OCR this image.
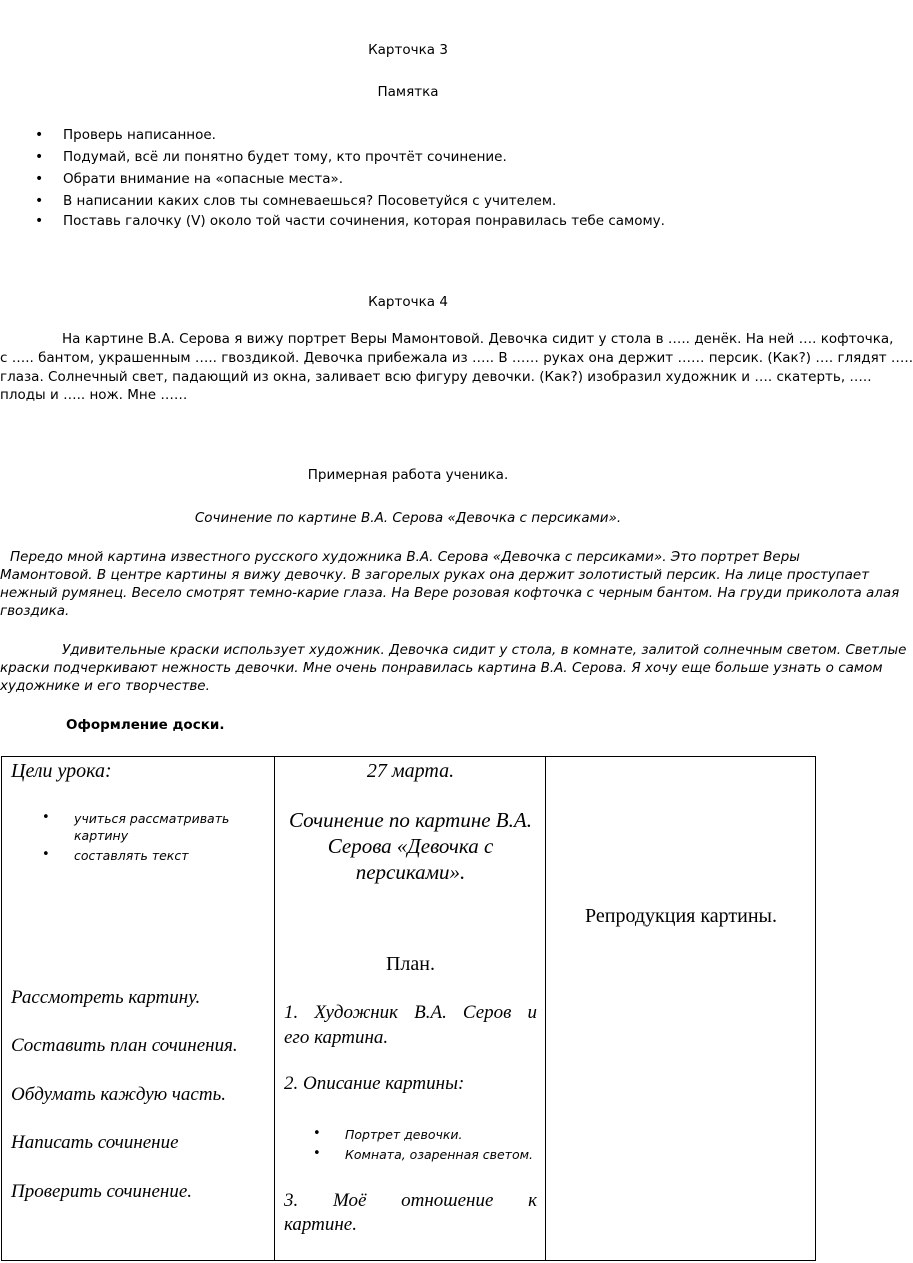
Карточка 3
Памятка
• Проверь написанное.
• Подумай, всё ли понятно будет тому, кто прочтёт сочинение.
• Обрати внимание на «опасные места».
• В написании каких слов ты сомневаешься? Посоветуйся с учителем.
• Поставь галочку (V) около той части сочинения, которая понравилась тебе самому.
Карточка 4
На картине В.А. Серова я вижу портрет Веры Мамонтовой. Девочка сидит у стола в ….. денёк. На ней …. кофточка,
с ….. бантом, украшенным ….. гвоздикой. Девочка прибежала из ….. В …… руках она держит …… персик. (Как?) …. глядят …..
глаза. Солнечный свет, падающий из окна, заливает всю фигуру девочки. (Как?) изобразил художник и …. скатерть, …..
плоды и ….. нож. Мне ……
Примерная работа ученика.
Сочинение по картине В.А. Серова «Девочка с персиками».
Передо мной картина известного русского художника В.А. Серова «Девочка с персиками». Это портрет Веры
Мамонтовой. В центре картины я вижу девочку. В загорелых руках она держит золотистый персик. На лице проступает
нежный румянец. Весело смотрят темно-карие глаза. На Вере розовая кофточка с черным бантом. На груди приколота алая
гвоздика.
Удивительные краски использует художник. Девочка сидит у стола, в комнате, залитой солнечным светом. Светлые
краски подчеркивают нежность девочки. Мне очень понравилась картина В.А. Серова. Я хочу еще больше узнать о самом
художнике и его творчестве.
Оформление доски.
Цели урока:
• учиться рассматривать картину
• составлять текст
Рассмотреть картину.
Составить план сочинения.
Обдумать каждую часть.
Написать сочинение
Проверить сочинение.

27 марта.
Сочинение по картине В.А.
Серова «Девочка с
персиками».
План.
1. Художник В.А. Серов и
его картина.
2. Описание картины:
• Портрет девочки.
• Комната, озаренная светом.
3. Моё отношение к
картине.

Репродукция картины.
